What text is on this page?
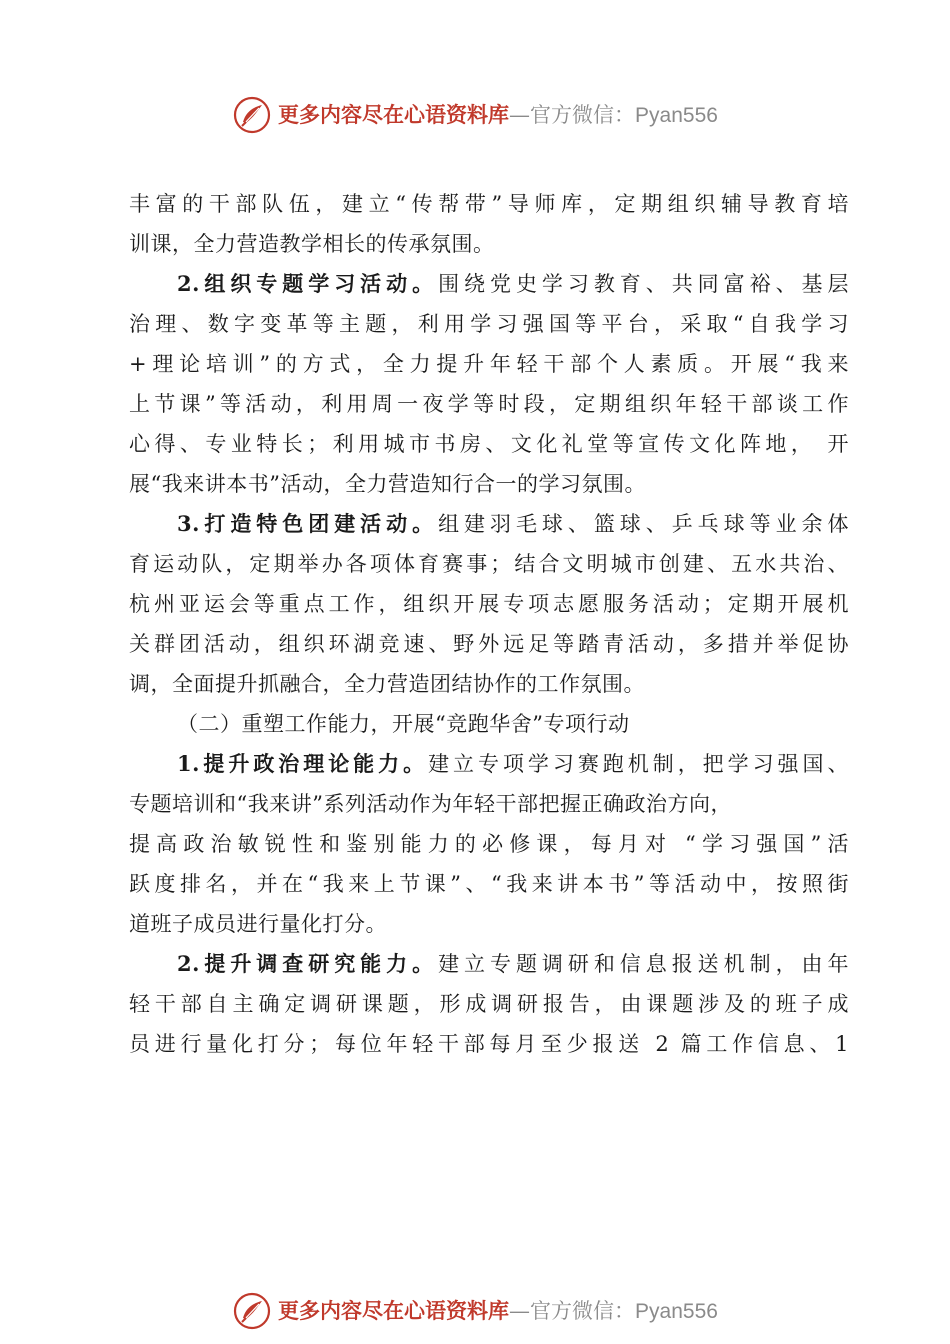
更多内容尽在心语资料库—官方微信：Pyan556
丰富的干部队伍，建立“传帮带”导师库，定期组织辅导教育培
训课，全力营造教学相长的传承氛围。
2.组织专题学习活动。围绕党史学习教育、共同富裕、基层
治理、数字变革等主题，利用学习强国等平台，采取“自我学习
+理论培训”的方式，全力提升年轻干部个人素质。开展“我来
上节课”等活动，利用周一夜学等时段，定期组织年轻干部谈工作
心得、专业特长；利用城市书房、文化礼堂等宣传文化阵地， 开
展“我来讲本书”活动，全力营造知行合一的学习氛围。
3.打造特色团建活动。组建羽毛球、篮球、乒乓球等业余体
育运动队，定期举办各项体育赛事；结合文明城市创建、五水共治、
杭州亚运会等重点工作，组织开展专项志愿服务活动；定期开展机
关群团活动，组织环湖竞速、野外远足等踏青活动，多措并举促协
调，全面提升抓融合，全力营造团结协作的工作氛围。
（二）重塑工作能力，开展“竞跑华舍”专项行动
1.提升政治理论能力。建立专项学习赛跑机制，把学习强国、
专题培训和“我来讲”系列活动作为年轻干部把握正确政治方向，
提高政治敏锐性和鉴别能力的必修课，每月对 “学习强国”活
跃度排名，并在“我来上节课”、“我来讲本书”等活动中，按照街
道班子成员进行量化打分。
2.提升调查研究能力。建立专题调研和信息报送机制，由年
轻干部自主确定调研课题，形成调研报告，由课题涉及的班子成
员进行量化打分；每位年轻干部每月至少报送 2 篇工作信息、1
更多内容尽在心语资料库—官方微信：Pyan556
